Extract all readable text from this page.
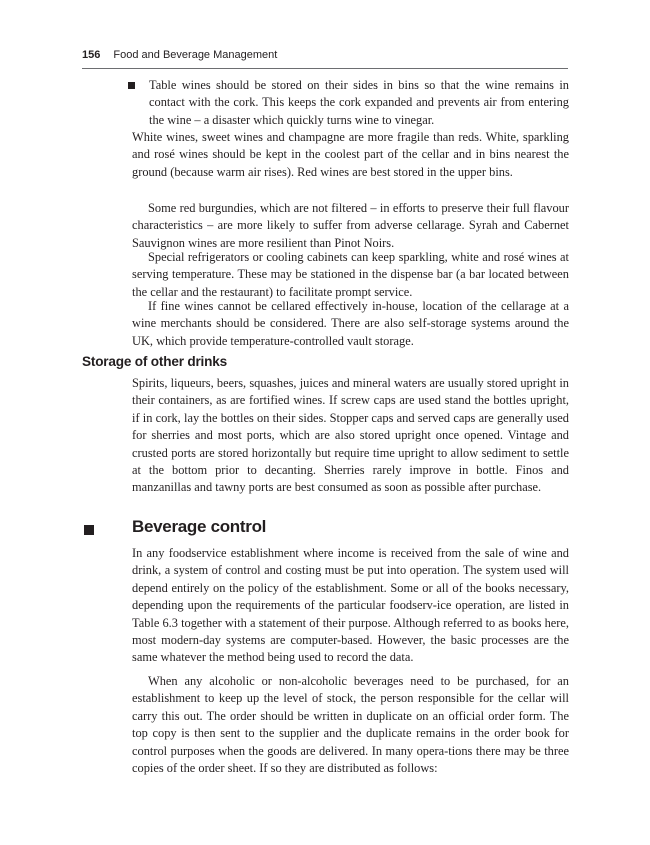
156 Food and Beverage Management

Table wines should be stored on their sides in bins so that the wine remains in contact with the cork. This keeps the cork expanded and prevents air from entering the wine – a disaster which quickly turns wine to vinegar.

White wines, sweet wines and champagne are more fragile than reds. White, sparkling and rosé wines should be kept in the coolest part of the cellar and in bins nearest the ground (because warm air rises). Red wines are best stored in the upper bins.

Some red burgundies, which are not filtered – in efforts to preserve their full flavour characteristics – are more likely to suffer from adverse cellarage. Syrah and Cabernet Sauvignon wines are more resilient than Pinot Noirs.

Special refrigerators or cooling cabinets can keep sparkling, white and rosé wines at serving temperature. These may be stationed in the dispense bar (a bar located between the cellar and the restaurant) to facilitate prompt service.

If fine wines cannot be cellared effectively in-house, location of the cellarage at a wine merchants should be considered. There are also self-storage systems around the UK, which provide temperature-controlled vault storage.

Storage of other drinks

Spirits, liqueurs, beers, squashes, juices and mineral waters are usually stored upright in their containers, as are fortified wines. If screw caps are used stand the bottles upright, if in cork, lay the bottles on their sides. Stopper caps and served caps are generally used for sherries and most ports, which are also stored upright once opened. Vintage and crusted ports are stored horizontally but require time upright to allow sediment to settle at the bottom prior to decanting. Sherries rarely improve in bottle. Finos and manzanillas and tawny ports are best consumed as soon as possible after purchase.

Beverage control

In any foodservice establishment where income is received from the sale of wine and drink, a system of control and costing must be put into operation. The system used will depend entirely on the policy of the establishment. Some or all of the books necessary, depending upon the requirements of the particular foodserv-ice operation, are listed in Table 6.3 together with a statement of their purpose. Although referred to as books here, most modern-day systems are computer-based. However, the basic processes are the same whatever the method being used to record the data.

When any alcoholic or non-alcoholic beverages need to be purchased, for an establishment to keep up the level of stock, the person responsible for the cellar will carry this out. The order should be written in duplicate on an official order form. The top copy is then sent to the supplier and the duplicate remains in the order book for control purposes when the goods are delivered. In many opera-tions there may be three copies of the order sheet. If so they are distributed as follows:
